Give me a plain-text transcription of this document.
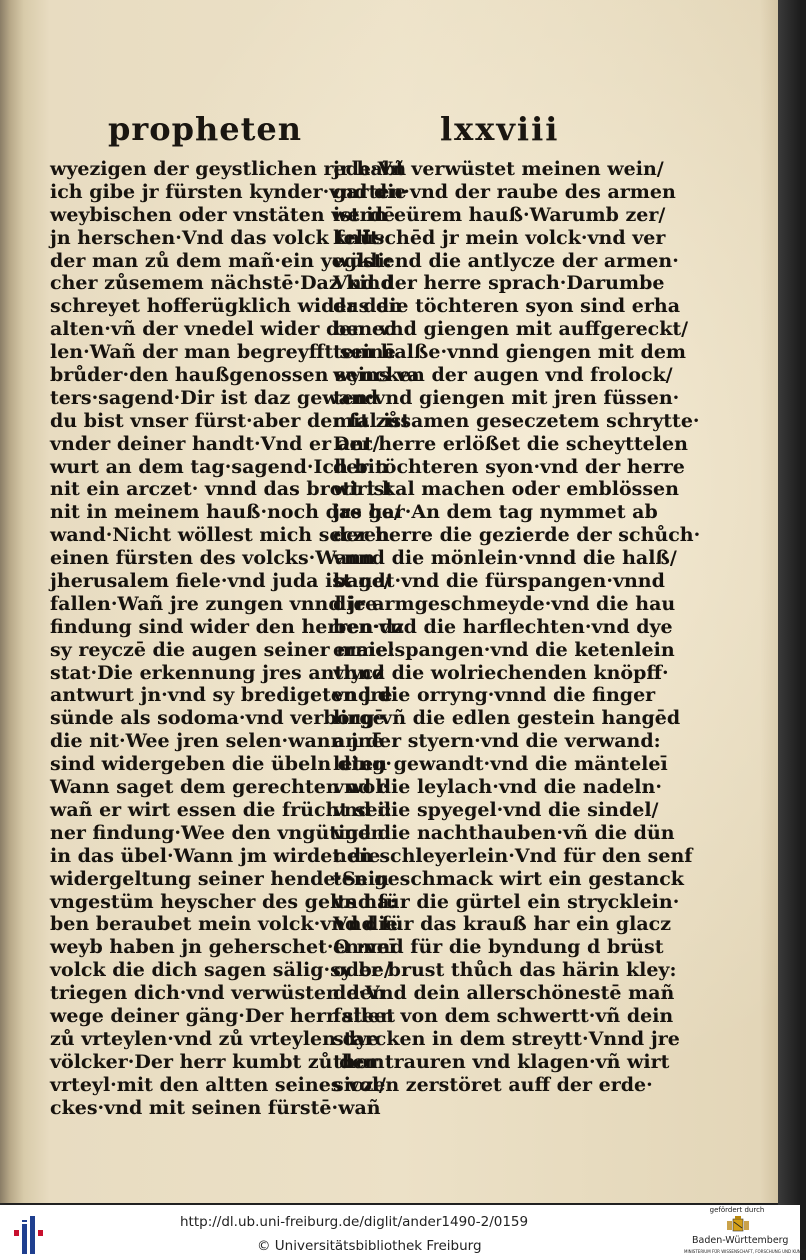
propheten	lxxviii
wyezigen der geystlichen rede·Vñ
ich gibe jr fürsten kynder·vnd die
weybischen oder vnstäten werdē
jn herschen·Vnd das volck fellt·
der man zů dem mañ·ein yegkli:
cher zůsemem nächstē·Daz kind
schreyet hofferügklich wider den
alten·vñ der vnedel wider den ed
len·Wañ der man begreyfft seinē
brůder·den haußgenossen seins va
ters·sagend·Dir ist daz gewand
du bist vnser fürst·aber der fal ist
vnder deiner handt·Vnd er ant/
wurt an dem tag·sagend·Ich bin
nit ein arczet· vnnd das brott ist
nit in meinem hauß·noch das ge/
wand·Nicht wöllest mich seczen
einen fürsten des volcks·Wann
jherusalem fiele·vnd juda ist ge/
fallen·Wañ jre zungen vnnd jre
findung sind wider den herren·dz
sy reyczē die augen seiner maie:
stat·Die erkennung jres antlycz
antwurt jn·vnd sy bredigeten jre
sünde als sodoma·vnd verborgē
die nit·Wee jren selen·wann jnē
sind widergeben die übeln ding·
Wann saget dem gerechten wol·
wañ er wirt essen die frücht sei:
ner findung·Wee den vngütigen
in das übel·Wann jm wirdet die
widergeltung seiner hende·Sein
vngestüm heyscher des gelts ha:
ben beraubet mein volck·vnd die
weyb haben jn geherschet·O meī
volck die dich sagen sälig·sy be/
triegen dich·vnd verwüsten den
wege deiner gäng·Der herr steet
zů vrteylen·vnd zů vrteylen dye
völcker·Der herr kumbt zů dem
vrteyl·mit den altten seines vol/
ckes·vnd mit seinen fürstē·wañ
jr habt verwüstet meinen wein/
garten·vnd der raube des armen
ist in eürem hauß·Warumb zer/
knüschēd jr mein volck·vnd ver
wüstend die antlycze der armen·
Vnd der herre sprach·Darumbe
das die töchteren syon sind erha
ben·vnd giengen mit auffgereckt/
tem halße·vnnd giengen mit dem
wyncken der augen vnd frolock/
ten·vnd giengen mit jren füssen·
mit zůsamen geseczetem schrytte·
Der herre erlößet die scheyttelen
der töchteren syon·vnd der herre
wirt kal machen oder emblössen
jre har·An dem tag nymmet ab
der herre die gezierde der schůch·
vnnd die mönlein·vnnd die halß/
bandt·vnd die fürspangen·vnnd
die armgeschmeyde·vnd die hau
ben·vnd die harflechten·vnd dye
ermelspangen·vnd die ketenlein
vnnd die wolriechenden knöpff·
vnd die orryng·vnnd die finger
ling·vñ die edlen gestein hangēd
an der styern·vnd die verwand:
leten gewandt·vnd die mänteleī
vnd die leylach·vnd die nadeln·
vnd die spyegel·vnd die sindel/
vnd die nachthauben·vñ die dün
nen schleyerlein·Vnd für den senf
ten geschmack wirt ein gestanck
vnd für die gürtel ein strycklein·
Vnd für das krauß har ein glacz
en·vnd für die byndung d brüst
oder brust thůch das härin kley:
de·Vnd dein allerschönestē mañ
fallen von dem schwertt·vñ dein
starcken in dem streytt·Vnnd jre
thor trauren vnd klagen·vñ wirt
siczen zerstöret auff der erde·
http://dl.ub.uni-freiburg.de/diglit/ander1490-2/0159
© Universitätsbibliothek Freiburg
gefördert durch
Baden-Württemberg
MINISTERIUM FÜR WISSENSCHAFT, FORSCHUNG UND KUNST
